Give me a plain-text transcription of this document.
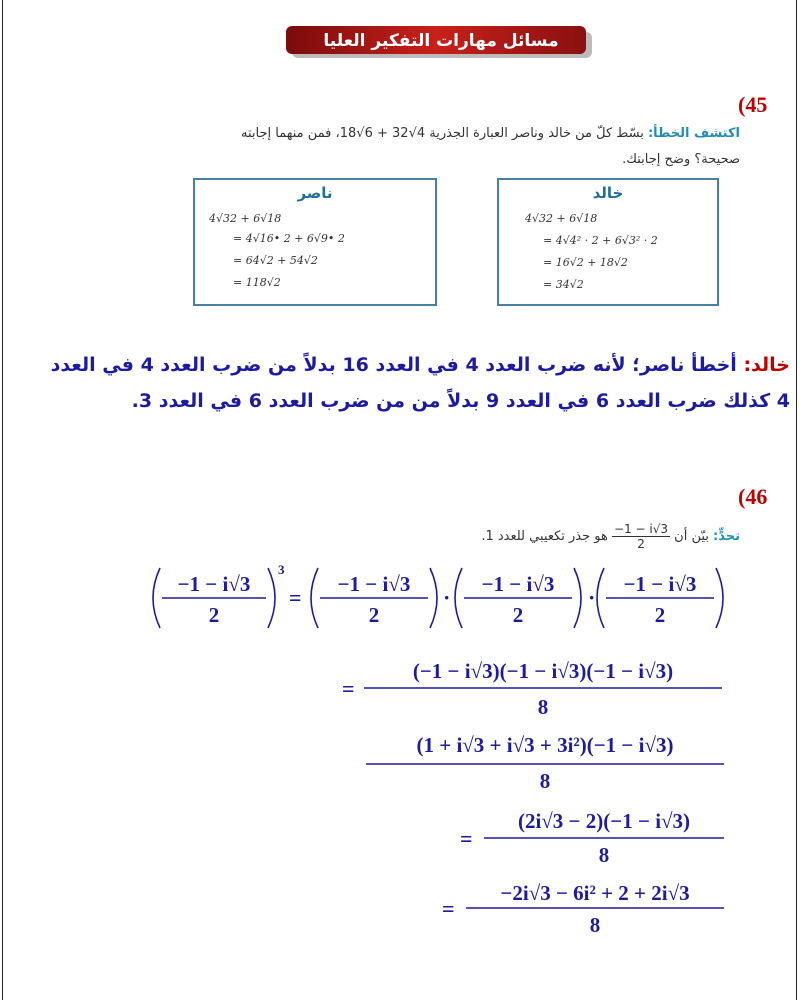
مسائل مهارات التفكير العليا
(45
اكتشف الخطأ: بسّط كلّ من خالد وناصر العبارة الجذرية 4√32 + 6√18، فمن منهما إجابته
صحيحة؟ وضح إجابتك.
ناصر
4√32 + 6√18
= 4√16• 2 + 6√9• 2
= 64√2 + 54√2
= 118√2
خالد
4√32 + 6√18
= 4√4² · 2 + 6√3² · 2
= 16√2 + 18√2
= 34√2
خالد: أخطأ ناصر؛ لأنه ضرب العدد 4 في العدد 16 بدلاً من ضرب العدد 4 في العدد
4 كذلك ضرب العدد 6 في العدد 9 بدلاً من من ضرب العدد 6 في العدد 3.
(46
تحدٍّ: بيّن أن
$\frac{-1 - i√3}{2}$
هو جذر تكعيبي للعدد 1.
−1 − i√3
2
3
=
−1 − i√3
2
·
−1 − i√3
2
·
−1 − i√3
2
=
(−1 − i√3)(−1 − i√3)(−1 − i√3)
8
(1 + i√3 + i√3 + 3i²)(−1 − i√3)
8
=
(2i√3 − 2)(−1 − i√3)
8
=
−2i√3 − 6i² + 2 + 2i√3
8
